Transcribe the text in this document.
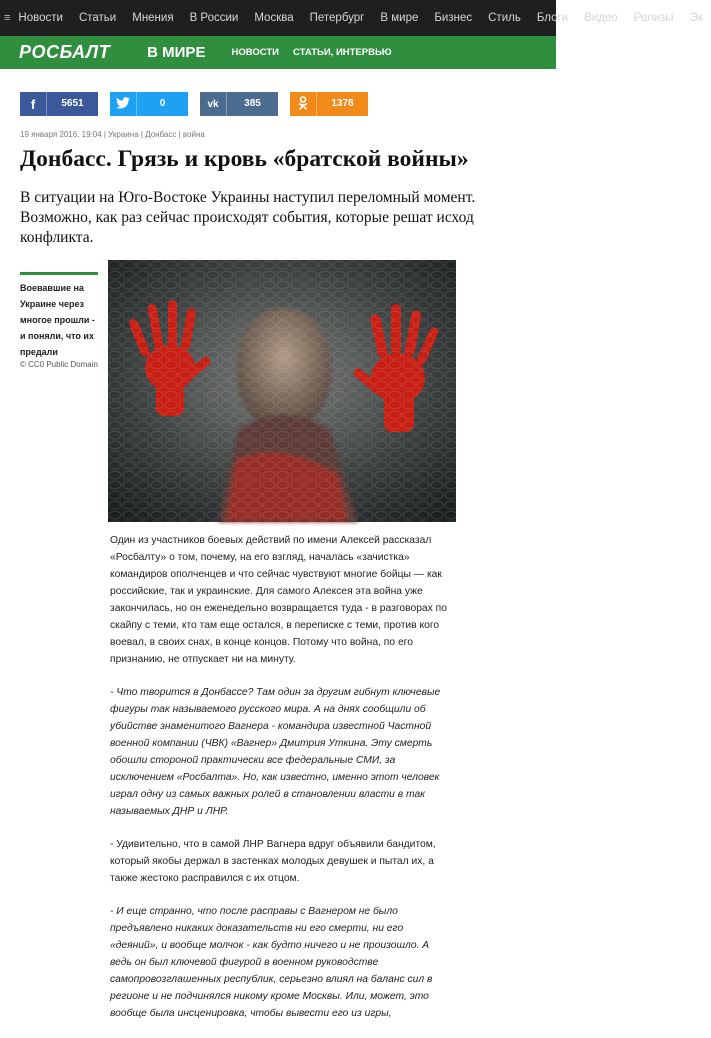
≡ Новости	Статьи	Мнения	В России	Москва	Петербург	В мире	Бизнес	Стиль	Блоги	Видео	Релизы	Эк
РОСБАЛТ В МИРЕ	НОВОСТИ СТАТЬИ, ИНТЕРВЬЮ
f	5651	0	vk	385	1378
19 января 2016, 19:04 | Украина | Донбасс | война
Донбасс. Грязь и кровь «братской войны»
В ситуации на Юго-Востоке Украины наступил переломный момент. Возможно, как раз сейчас происходят события, которые решат исход конфликта.
Воевавшие на Украине через многое прошли - и поняли, что их предали
© CC0 Public Domain

Один из участников боевых действий по имени Алексей рассказал «Росбалту» о том, почему, на его взгляд, началась «зачистка» командиров ополченцев и что сейчас чувствуют многие бойцы — как российские, так и украинские. Для самого Алексея эта война уже закончилась, но он еженедельно возвращается туда - в разговорах по скайпу с теми, кто там еще остался, в переписке с теми, против кого воевал, в своих снах, в конце концов. Потому что война, по его признанию, не отпускает ни на минуту.

- Что творится в Донбассе? Там один за другим гибнут ключевые фигуры так называемого русского мира. А на днях сообщили об убийстве знаменитого Вагнера - командира известной Частной военной компании (ЧВК) «Вагнер» Дмитрия Уткина. Эту смерть обошли стороной практически все федеральные СМИ, за исключением «Росбалта». Но, как известно, именно этот человек играл одну из самых важных ролей в становлении власти в так называемых ДНР и ЛНР.

- Удивительно, что в самой ЛНР Вагнера вдруг объявили бандитом, который якобы держал в застенках молодых девушек и пытал их, а также жестоко расправился с их отцом.

- И еще странно, что после расправы с Вагнером не было предъявлено никаких доказательств ни его смерти, ни его «деяний», и вообще молчок - как будто ничего и не произошло. А ведь он был ключевой фигурой в военном руководстве самопровозглашенных республик, серьезно влиял на баланс сил в регионе и не подчинялся никому кроме Москвы. Или, может, это вообще была инсценировка, чтобы вывести его из игры,
